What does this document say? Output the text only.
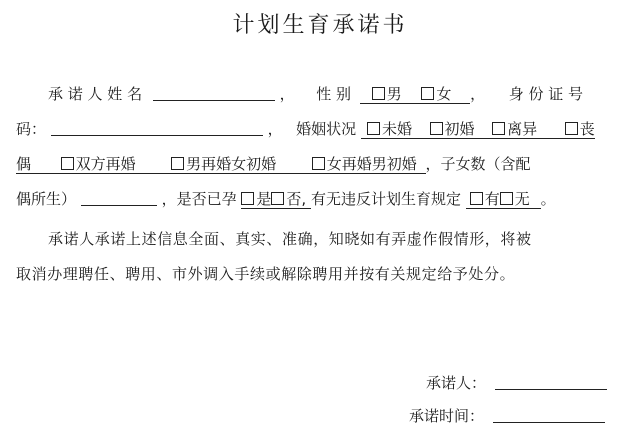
计划生育承诺书
承 诺 人 姓 名	， 性 别 男 女 ， 身 份 证 号
码：	， 婚姻状况 未婚 初婚 离异	丧
偶	双方再婚	男再婚女初婚	女再婚男初婚 ，子女数（含配
偶所生）	，是否已孕 是 否, 有无违反计划生育规定 有 无 。
承诺人承诺上述信息全面、真实、准确，知晓如有弄虚作假情形，将被
取消办理聘任、聘用、市外调入手续或解除聘用并按有关规定给予处分。
承诺人：
承诺时间：
